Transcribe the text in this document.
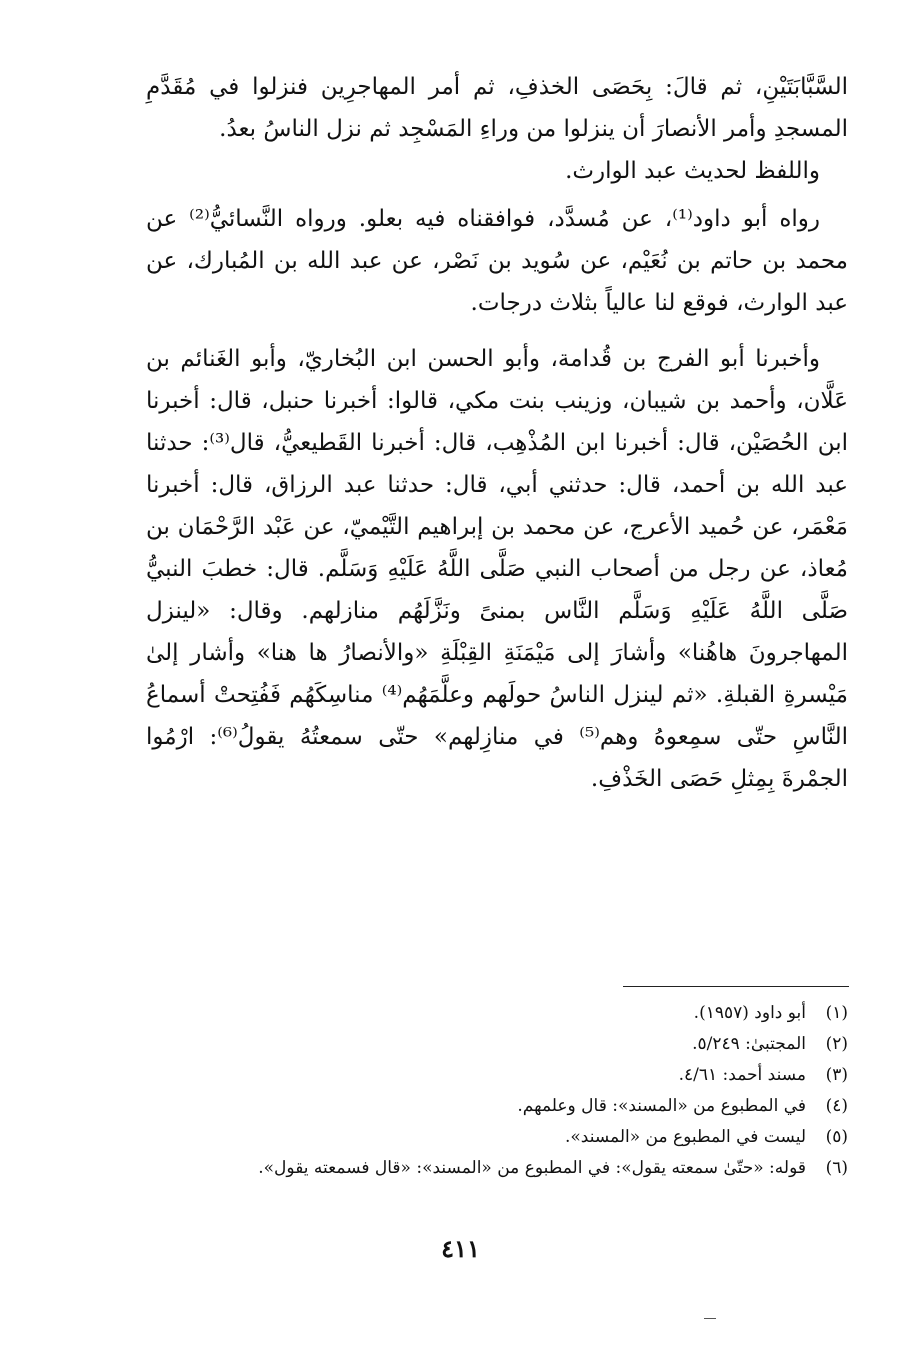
السَّبَّابَتَيْنِ، ثم قالَ: بِحَصَى الخذفِ، ثم أمر المهاجرِين فنزلوا في مُقَدَّمِ المسجدِ وأمر الأنصارَ أن ينزلوا من وراءِ المَسْجِد ثم نزل الناسُ بعدُ.

واللفظ لحديث عبد الوارث.

رواه أبو داود⁽¹⁾، عن مُسدَّد، فوافقناه فيه بعلو. ورواه النَّسائيُّ⁽²⁾ عن محمد بن حاتم بن نُعَيْم، عن سُويد بن نَصْر، عن عبد الله بن المُبارك، عن عبد الوارث، فوقع لنا عالياً بثلاث درجات.

وأخبرنا أبو الفرج بن قُدامة، وأبو الحسن ابن البُخاريّ، وأبو الغَنائم بن عَلَّان، وأحمد بن شيبان، وزينب بنت مكي، قالوا: أخبرنا حنبل، قال: أخبرنا ابن الحُصَيْن، قال: أخبرنا ابن المُذْهِب، قال: أخبرنا القَطيعيُّ، قال⁽³⁾: حدثنا عبد الله بن أحمد، قال: حدثني أبي، قال: حدثنا عبد الرزاق، قال: أخبرنا مَعْمَر، عن حُميد الأعرج، عن محمد بن إبراهيم التَّيْميّ، عن عَبْد الرَّحْمَان بن مُعاذ، عن رجل من أصحاب النبي صَلَّى اللَّهُ عَلَيْهِ وَسَلَّم. قال: خطبَ النبيُّ صَلَّى اللَّهُ عَلَيْهِ وَسَلَّم النَّاس بمنىً ونَزَّلَهُم منازلهم. وقال: «لينزل المهاجرونَ هاهُنا» وأشارَ إلى مَيْمَنَةِ القِبْلَةِ «والأنصارُ ها هنا» وأشار إلىٰ مَيْسرةِ القبلةِ. «ثم لينزل الناسُ حولَهم وعلَّمَهُم⁽⁴⁾ مناسِكَهُم فَفُتِحتْ أسماعُ النَّاسِ حتّى سمِعوهُ وهم⁽⁵⁾ في منازِلهم» حتّى سمعتُهُ يقولُ⁽⁶⁾: ارْمُوا الجمْرةَ بِمِثلِ حَصَى الخَذْفِ.

(١)
أبو داود (١٩٥٧).
(٢)
المجتبىٰ: ٥/٢٤٩.
(٣)
مسند أحمد: ٤/٦١.
(٤)
في المطبوع من «المسند»: قال وعلمهم.
(٥)
ليست في المطبوع من «المسند».
(٦)
قوله: «حتّىٰ سمعته يقول»: في المطبوع من «المسند»: «قال فسمعته يقول».
٤١١
